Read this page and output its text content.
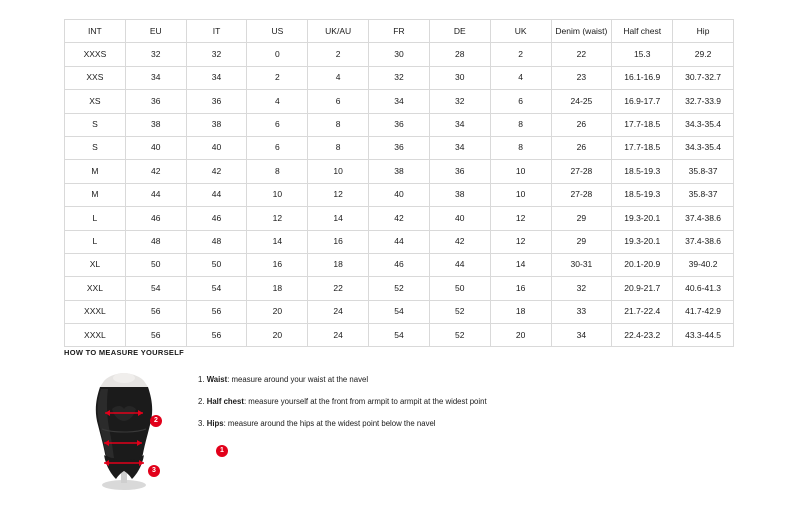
INT	EU	IT	US	UK/AU	FR	DE	UK	Denim (waist)	Half chest	Hip
XXXS	32	32	0	2	30	28	2	22	15.3	29.2
XXS	34	34	2	4	32	30	4	23	16.1-16.9	30.7-32.7
XS	36	36	4	6	34	32	6	24-25	16.9-17.7	32.7-33.9
S	38	38	6	8	36	34	8	26	17.7-18.5	34.3-35.4
S	40	40	6	8	36	34	8	26	17.7-18.5	34.3-35.4
M	42	42	8	10	38	36	10	27-28	18.5-19.3	35.8-37
M	44	44	10	12	40	38	10	27-28	18.5-19.3	35.8-37
L	46	46	12	14	42	40	12	29	19.3-20.1	37.4-38.6
L	48	48	14	16	44	42	12	29	19.3-20.1	37.4-38.6
XL	50	50	16	18	46	44	14	30-31	20.1-20.9	39-40.2
XXL	54	54	18	22	52	50	16	32	20.9-21.7	40.6-41.3
XXXL	56	56	20	24	54	52	18	33	21.7-22.4	41.7-42.9
XXXL	56	56	20	24	54	52	20	34	22.4-23.2	43.3-44.5
HOW TO MEASURE YOURSELF
1. Waist: measure around your waist at the navel
2. Half chest: measure yourself at the front from armpit to armpit at the widest point
3. Hips: measure around the hips at the widest point below the navel
1
2
3
